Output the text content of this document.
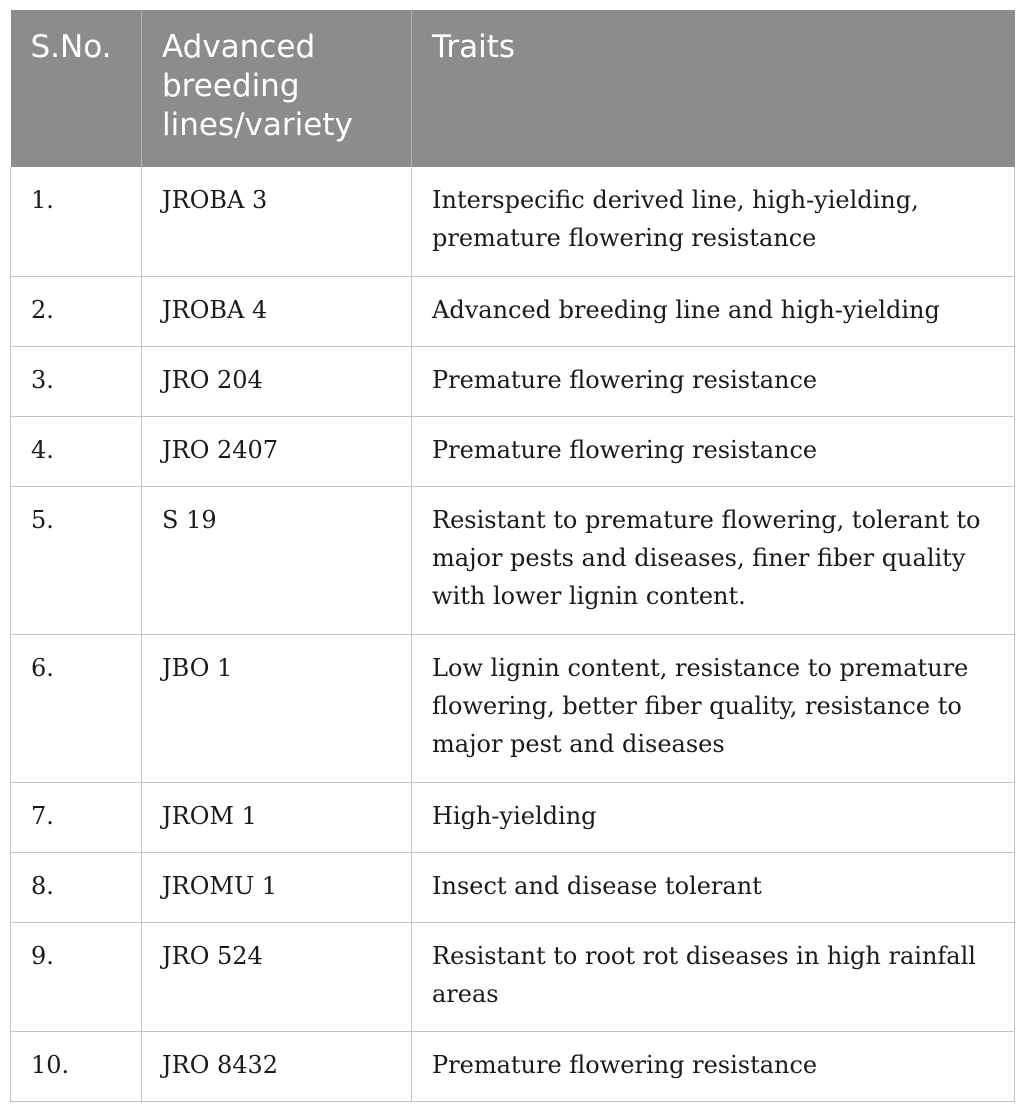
S.No.	Advanced breeding lines/variety	Traits
1.	JROBA 3	Interspecific derived line, high-yielding, premature flowering resistance
2.	JROBA 4	Advanced breeding line and high-yielding
3.	JRO 204	Premature flowering resistance
4.	JRO 2407	Premature flowering resistance
5.	S 19	Resistant to premature flowering, tolerant to major pests and diseases, finer fiber quality with lower lignin content.
6.	JBO 1	Low lignin content, resistance to premature flowering, better fiber quality, resistance to major pest and diseases
7.	JROM 1	High-yielding
8.	JROMU 1	Insect and disease tolerant
9.	JRO 524	Resistant to root rot diseases in high rainfall areas
10.	JRO 8432	Premature flowering resistance
